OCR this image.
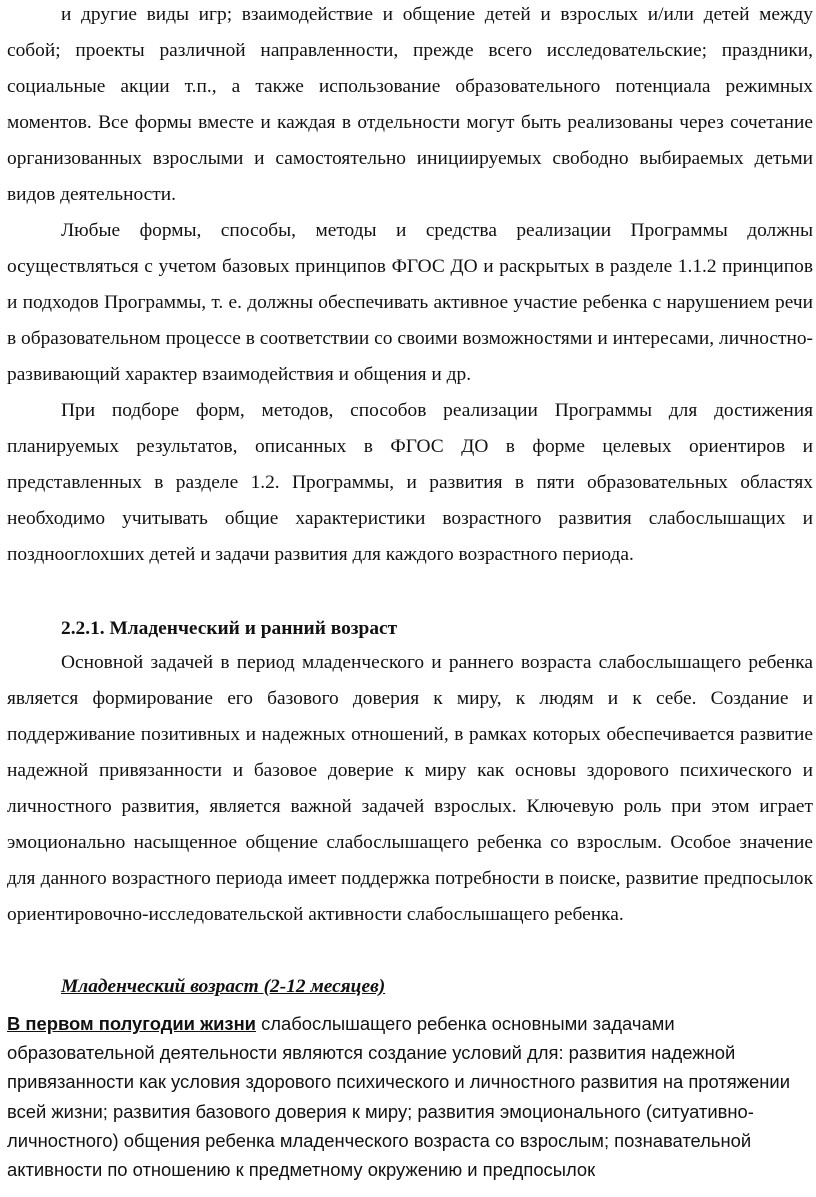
и другие виды игр; взаимодействие и общение детей и взрослых и/или детей между собой; проекты различной направленности, прежде всего исследовательские; праздники, социальные акции т.п., а также использование образовательного потенциала режимных моментов. Все формы вместе и каждая в отдельности могут быть реализованы через сочетание организованных взрослыми и самостоятельно инициируемых свободно выбираемых детьми видов деятельности.

Любые формы, способы, методы и средства реализации Программы должны осуществляться с учетом базовых принципов ФГОС ДО и раскрытых в разделе 1.1.2 принципов и подходов Программы, т. е. должны обеспечивать активное участие ребенка с нарушением речи в образовательном процессе в соответствии со своими возможностями и интересами, личностно-развивающий характер взаимодействия и общения и др.

При подборе форм, методов, способов реализации Программы для достижения планируемых результатов, описанных в ФГОС ДО в форме целевых ориентиров и представленных в разделе 1.2. Программы, и развития в пяти образовательных областях необходимо учитывать общие характеристики возрастного развития слабослышащих и позднооглохших детей и задачи развития для каждого возрастного периода.

2.2.1. Младенческий и ранний возраст

Основной задачей в период младенческого и раннего возраста слабослышащего ребенка является формирование его базового доверия к миру, к людям и к себе. Создание и поддерживание позитивных и надежных отношений, в рамках которых обеспечивается развитие надежной привязанности и базовое доверие к миру как основы здорового психического и личностного развития, является важной задачей взрослых. Ключевую роль при этом играет эмоционально насыщенное общение слабослышащего ребенка со взрослым. Особое значение для данного возрастного периода имеет поддержка потребности в поиске, развитие предпосылок ориентировочно-исследовательской активности слабослышащего ребенка.

Младенческий возраст (2-12 месяцев)

В первом полугодии жизни слабослышащего ребенка основными задачами образовательной деятельности являются создание условий для: развития надежной привязанности как условия здорового психического и личностного развития на протяжении всей жизни; развития базового доверия к миру; развития эмоционального (ситуативно-личностного) общения ребенка младенческого возраста со взрослым; познавательной активности по отношению к предметному окружению и предпосылок
